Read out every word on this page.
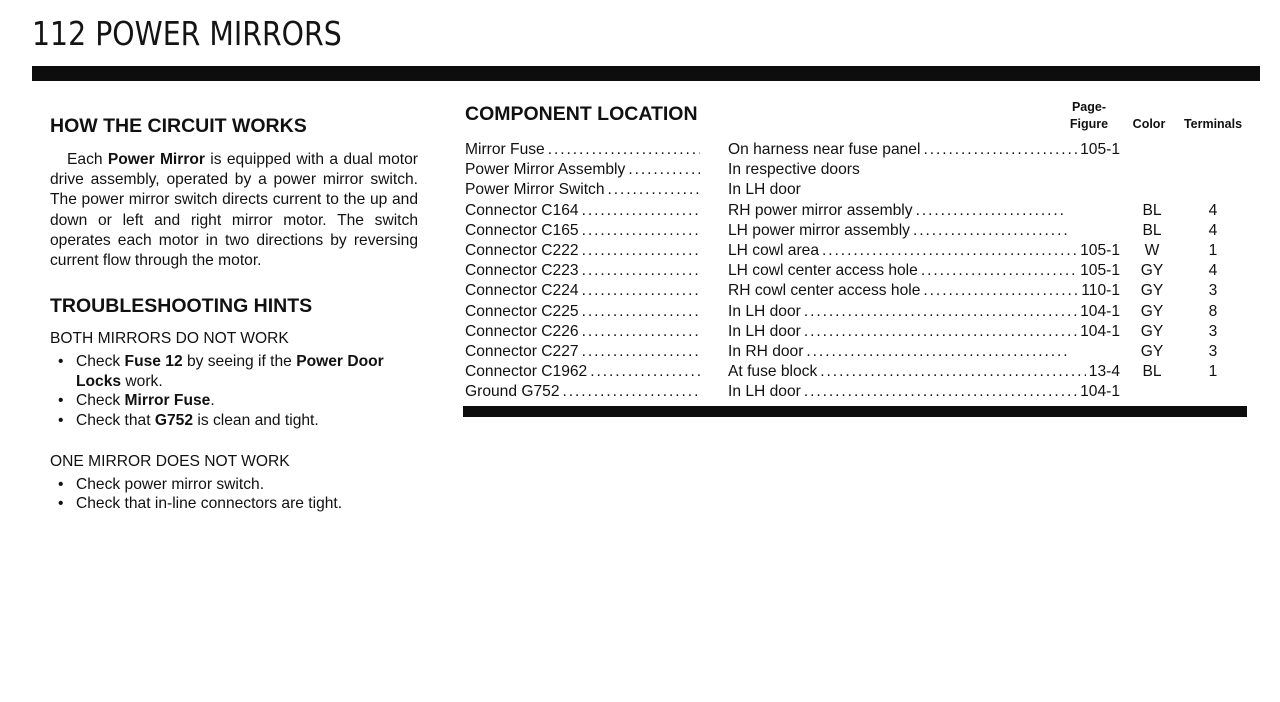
112 POWER MIRRORS
HOW THE CIRCUIT WORKS

Each Power Mirror is equipped with a dual motor drive assembly, operated by a power mirror switch. The power mirror switch directs current to the up and down or left and right mirror motor. The switch operates each motor in two directions by reversing current flow through the motor.

TROUBLESHOOTING HINTS
BOTH MIRRORS DO NOT WORK
• Check Fuse 12 by seeing if the Power Door Locks work.
• Check Mirror Fuse.
• Check that G752 is clean and tight.
ONE MIRROR DOES NOT WORK
• Check power mirror switch.
• Check that in-line connectors are tight.
COMPONENT LOCATION	Page-
Figure	Color	Terminals
Mirror Fuse . . .	On harness near fuse panel . . .	105-1
Power Mirror Assembly . . .	In respective doors
Power Mirror Switch . . .	In LH door
Connector C164 . . .	RH power mirror assembly . . .	BL	4
Connector C165 . . .	LH power mirror assembly . . .	BL	4
Connector C222 . . .	LH cowl area . . .	105-1	W	1
Connector C223 . . .	LH cowl center access hole . . .	105-1	GY	4
Connector C224 . . .	RH cowl center access hole . . .	110-1	GY	3
Connector C225 . . .	In LH door . . .	104-1	GY	8
Connector C226 . . .	In LH door . . .	104-1	GY	3
Connector C227 . . .	In RH door . . .	GY	3
Connector C1962 . . .	At fuse block . . .	13-4	BL	1
Ground G752 . . .	In LH door . . .	104-1
